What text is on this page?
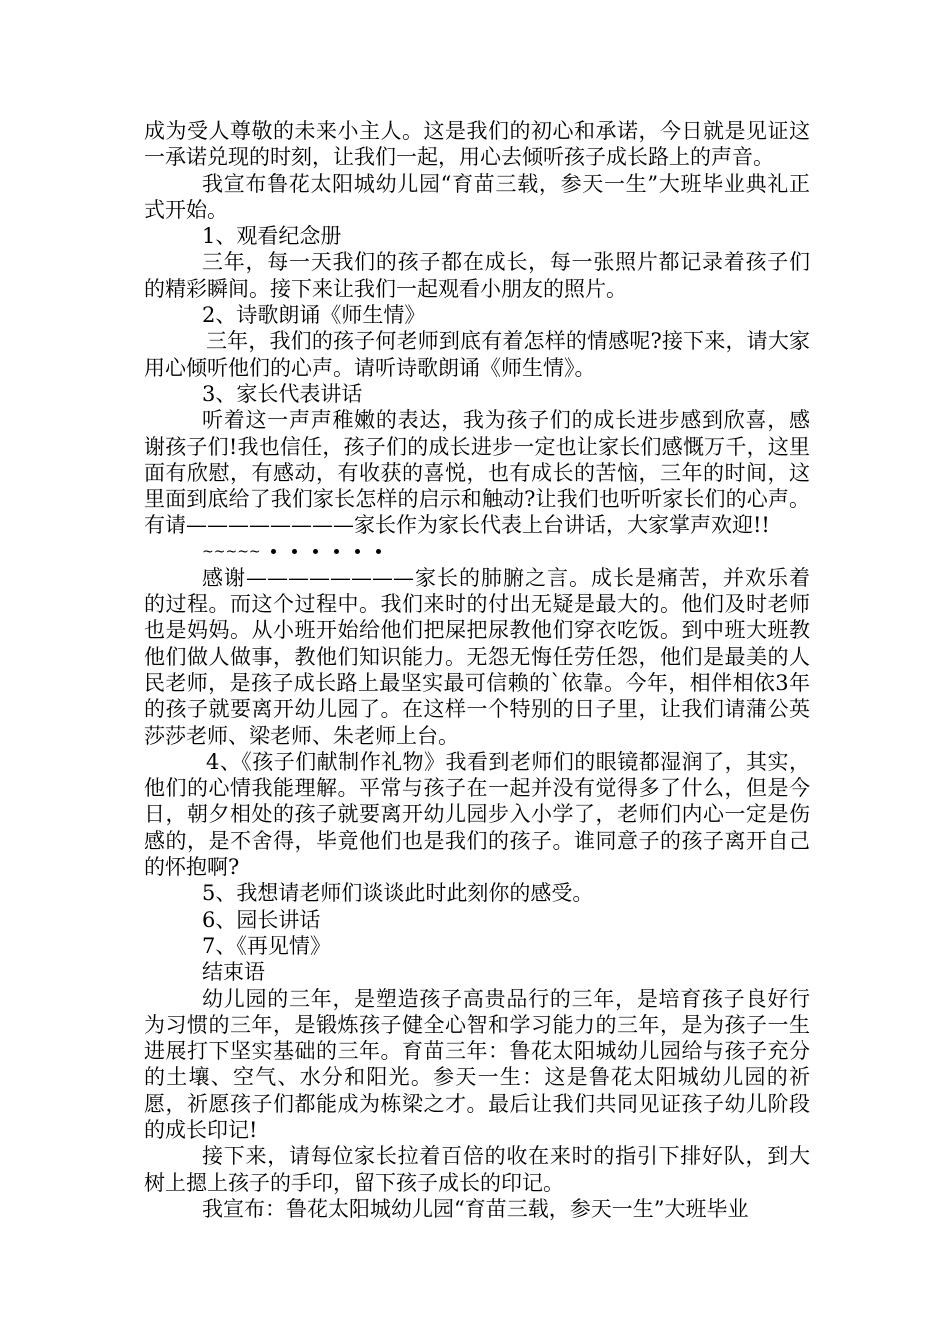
成为受人尊敬的未来小主人。这是我们的初心和承诺，今日就是见证这一承诺兑现的时刻，让我们一起，用心去倾听孩子成长路上的声音。

我宣布鲁花太阳城幼儿园“育苗三载，参天一生”大班毕业典礼正式开始。

1、观看纪念册

三年，每一天我们的孩子都在成长，每一张照片都记录着孩子们的精彩瞬间。接下来让我们一起观看小朋友的照片。

2、诗歌朗诵《师生情》

三年，我们的孩子何老师到底有着怎样的情感呢?接下来，请大家用心倾听他们的心声。请听诗歌朗诵《师生情》。

3、家长代表讲话

听着这一声声稚嫩的表达，我为孩子们的成长进步感到欣喜，感谢孩子们!我也信任，孩子们的成长进步一定也让家长们感慨万千，这里面有欣慰，有感动，有收获的喜悦，也有成长的苦恼，三年的时间，这里面到底给了我们家长怎样的启示和触动?让我们也听听家长们的心声。有请————————家长作为家长代表上台讲话，大家掌声欢迎!!

~~~~~

感谢————————家长的肺腑之言。成长是痛苦，并欢乐着的过程。而这个过程中。我们来时的付出无疑是最大的。他们及时老师也是妈妈。从小班开始给他们把屎把尿教他们穿衣吃饭。到中班大班教他们做人做事，教他们知识能力。无怨无悔任劳任怨，他们是最美的人民老师，是孩子成长路上最坚实最可信赖的`依靠。今年，相伴相依3年的孩子就要离开幼儿园了。在这样一个特别的日子里，让我们请蒲公英莎莎老师、梁老师、朱老师上台。

4、《孩子们献制作礼物》我看到老师们的眼镜都湿润了，其实，他们的心情我能理解。平常与孩子在一起并没有觉得多了什么，但是今日，朝夕相处的孩子就要离开幼儿园步入小学了，老师们内心一定是伤感的，是不舍得，毕竟他们也是我们的孩子。谁同意子的孩子离开自己的怀抱啊?

5、我想请老师们谈谈此时此刻你的感受。

6、园长讲话

7、《再见情》

结束语

幼儿园的三年，是塑造孩子高贵品行的三年，是培育孩子良好行为习惯的三年，是锻炼孩子健全心智和学习能力的三年，是为孩子一生进展打下坚实基础的三年。育苗三年：鲁花太阳城幼儿园给与孩子充分的土壤、空气、水分和阳光。参天一生：这是鲁花太阳城幼儿园的祈愿，祈愿孩子们都能成为栋梁之才。最后让我们共同见证孩子幼儿阶段的成长印记!

接下来，请每位家长拉着百倍的收在来时的指引下排好队，到大树上摁上孩子的手印，留下孩子成长的印记。

我宣布：鲁花太阳城幼儿园“育苗三载，参天一生”大班毕业
